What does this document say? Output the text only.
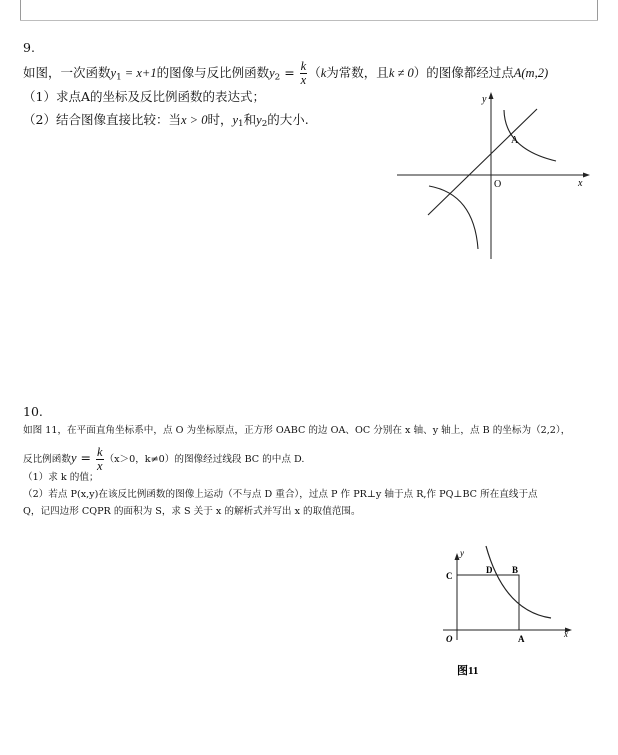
9.
如图，一次函数$y_1 = x+1$的图像与反比例函数$y_2 = \frac{k}{x} (k$为常数，且k ≠ 0）的图像都经过点A(m,2)
（1）求点A的坐标及反比例函数的表达式；
（2）结合图像直接比较：当x > 0时，$y_1$和$y_2$的大小.
y
x
O
A
10.
如图 11，在平面直角坐标系中，点 O 为坐标原点，正方形 OABC 的边 OA、OC 分别在 x 轴、y 轴上，点 B 的坐标为（2,2），
反比例函数$y = \frac{k}{x} (x>0$，k≠0）的图像经过线段 BC 的中点 D.
（1）求 k 的值；
（2）若点 P(x,y)在该反比例函数的图像上运动（不与点 D 重合），过点 P 作 PR⊥y 轴于点 R,作 PQ⊥BC 所在直线于点
Q，记四边形 CQPR 的面积为 S，求 S 关于 x 的解析式并写出 x 的取值范围。
y
x
O	A
B
C
D
图11
